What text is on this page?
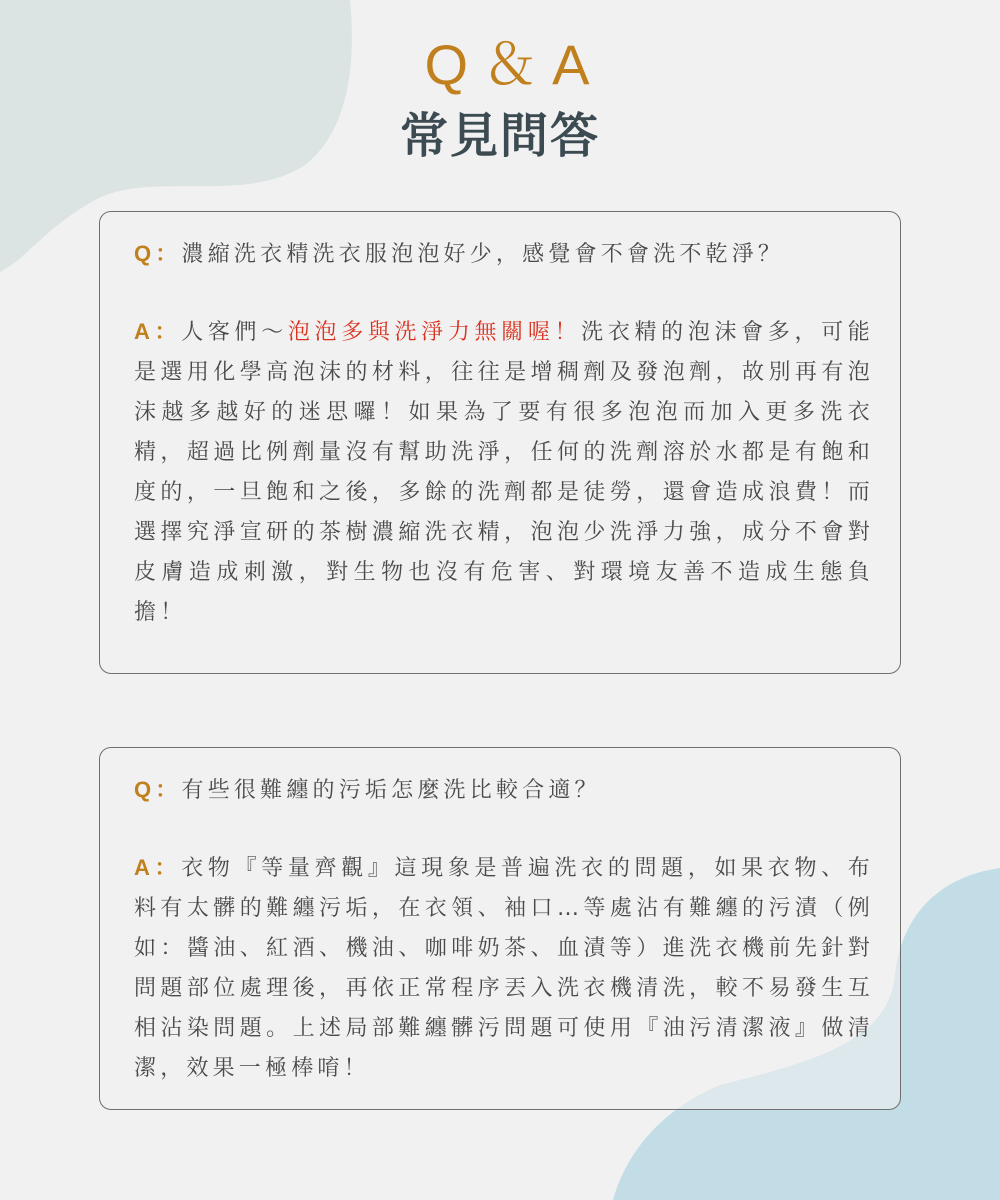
Q＆A
常見問答
Q：濃縮洗衣精洗衣服泡泡好少，感覺會不會洗不乾淨？
A：人客們～泡泡多與洗淨力無關喔！洗衣精的泡沫會多，可能是選用化學高泡沫的材料，往往是增稠劑及發泡劑，故別再有泡沫越多越好的迷思囉！如果為了要有很多泡泡而加入更多洗衣精，超過比例劑量沒有幫助洗淨，任何的洗劑溶於水都是有飽和度的，一旦飽和之後，多餘的洗劑都是徒勞，還會造成浪費！而選擇究淨宣研的茶樹濃縮洗衣精，泡泡少洗淨力強，成分不會對皮膚造成刺激，對生物也沒有危害、對環境友善不造成生態負擔！
Q：有些很難纏的污垢怎麼洗比較合適？
A：衣物『等量齊觀』這現象是普遍洗衣的問題，如果衣物、布料有太髒的難纏污垢，在衣領、袖口…等處沾有難纏的污漬（例如：醬油、紅酒、機油、咖啡奶茶、血漬等）進洗衣機前先針對問題部位處理後，再依正常程序丟入洗衣機清洗，較不易發生互相沾染問題。上述局部難纏髒污問題可使用『油污清潔液』做清潔，效果一極棒唷！
